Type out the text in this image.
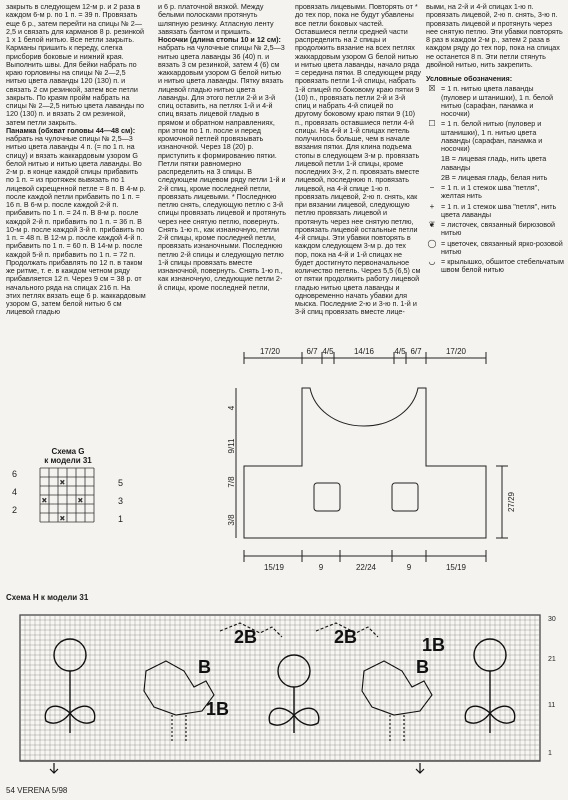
закрыть в следующем 12-м р. и 2 раза в каждом 6-м р. по 1 п. = 39 п. Провязать еще 6 р., затем перейти на спицы № 2—2,5 и связать для карманов 8 р. резинкой 1 х 1 белой нитью. Все петли закрыть. Карманы пришить к переду, слегка присборив боковые и нижний края. Выполнить швы. Для бейки набрать по краю горловины на спицы № 2—2,5 нитью цвета лаванды 120 (130) п. и связать 2 см резинкой, затем все петли закрыть. По краям пройм набрать на спицы № 2—2,5 нитью цвета лаванды по 120 (130) п. и вязать 2 см резинкой, затем петли закрыть.

Панамка (обхват головы 44—48 см):
набрать на чулочные спицы № 2,5—3 нитью цвета лаванды 4 п. (= по 1 п. на спицу) и вязать жаккардовым узором G белой нитью и нитью цвета лаванды. Во 2-м р. в конце каждой спицы прибавить по 1 п. = из протяжек вывязать по 1 лицевой скрещенной петле = 8 п. В 4-м р. после каждой петли прибавить по 1 п. = 16 п. В 6-м р. после каждой 2-й п. прибавить по 1 п. = 24 п. В 8-м р. после каждой 2-й п. прибавить по 1 п. = 36 п. В 10-м р. после каждой 3-й п. прибавить по 1 п. = 48 п. В 12-м р. после каждой 4-й п. прибавить по 1 п. = 60 п. В 14-м р. после каждой 5-й п. прибавить по 1 п. = 72 п. Продолжать прибавлять по 12 п. в таком же ритме, т. е. в каждом четном ряду прибавляется 12 п. Через 9 см = 38 р. от начального ряда на спицах 216 п. На этих петлях вязать еще 6 р. жаккардовым узором G, затем белой нитью 6 см лицевой гладью

и 6 р. платочной вязкой. Между белыми полосками протянуть шляпную резинку. Атласную ленту завязать бантом и пришить.

Носочки (длина стопы 10 и 12 см):
набрать на чулочные спицы № 2,5—3 нитью цвета лаванды 36 (40) п. и вязать 3 см резинкой, затем 4 (6) см жаккардовым узором G белой нитью и нитью цвета лаванды. Пятку вязать лицевой гладью нитью цвета лаванды. Для этого петли 2-й и 3-й спиц оставить, на петлях 1-й и 4-й спиц вязать лицевой гладью в прямом и обратном направлениях, при этом по 1 п. после и перед кромочной петлей провязывать изнаночной. Через 18 (20) р. приступить к формированию пятки. Петли пятки равномерно распределить на 3 спицы. В следующем лицевом ряду петли 1-й и 2-й спиц, кроме последней петли, провязать лицевыми. * Последнюю петлю снять, следующую петлю с 3-й спицы провязать лицевой и протянуть через нее снятую петлю, повернуть. Снять 1-ю п., как изнаночную, петли 2-й спицы, кроме последней петли, провязать изнаночными. Последнюю петлю 2-й спицы и следующую петлю 1-й спицы провязать вместе изнаночной, повернуть. Снять 1-ю п., как изнаночную, следующие петли 2-й спицы, кроме последней петли,

провязать лицевыми. Повторять от * до тех пор, пока не будут убавлены все петли боковых частей. Оставшиеся петли средней части распределить на 2 спицы и продолжить вязание на всех петлях жаккардовым узором G белой нитью и нитью цвета лаванды, начало ряда = середина пятки. В следующем ряду провязать петли 1-й спицы, набрать 1-й спицей по боковому краю пятки 9 (10) п., провязать петли 2-й и 3-й спиц и набрать 4-й спицей по другому боковому краю пятки 9 (10) п., провязать оставшиеся петли 4-й спицы. На 4-й и 1-й спицах петель получилось больше, чем в начале вязания пятки. Для клина подъема стопы в следующем 3-м р. провязать лицевой петли 1-й спицы, кроме последних 3-х, 2 п. провязать вместе лицевой, последнюю п. провязать лицевой, на 4-й спице 1-ю п. провязать лицевой, 2-ю п. снять, как при вязании лицевой, следующую петлю провязать лицевой и протянуть через нее снятую петлю, провязать лицевой остальные петли 4-й спицы. Эти убавки повторять в каждом следующем 3-м р. до тех пор, пока на 4-й и 1-й спицах не будет достигнуто первоначальное количество петель. Через 5,5 (6,5) см от пятки продолжить работу лицевой гладью нитью цвета лаванды и одновременно начать убавки для мыска. Последние 2-ю и 3-ю п. 1-й и 3-й спиц провязать вместе лице-

выми, на 2-й и 4-й спицах 1-ю п. провязать лицевой, 2-ю п. снять, 3-ю п. провязать лицевой и протянуть через нее снятую петлю. Эти убавки повторять 8 раз в каждом 2-м р., затем 2 раза в каждом ряду до тех пор, пока на спицах не останется 8 п. Эти петли стянуть двойной нитью, нить закрепить.

Условные обозначения:

☒ = 1 п. нитью цвета лаванды (пуловер и штанишки), 1 п. белой нитью (сарафан, панамка и носочки)
☐ = 1 п. белой нитью (пуловер и штанишки), 1 п. нитью цвета лаванды (сарафан, панамка и носочки)
1B = лицевая гладь, нить цвета лаванды
2B = лицевая гладь, белая нить
− = 1 п. и 1 стежок шва "петля", желтая нить
+ = 1 п. и 1 стежок шва "петля", нить цвета лаванды
❦ = листочек, связанный бирюзовой нитью
◯ = цветочек, связанный ярко-розовой нитью
◡ = крылышко, обшитое стебельчатым швом белой нитью
17/20	6/7 4/5	14/16	4/5 6/7	17/20
15/19	9	22/24	9	15/19
4
9/11
7/8
3/8
27/29
Схема G
к модели 31
×
×
×
×
6
4
2
5
3
1
Схема H к модели 31
2B	2B
B
1B
1B
B
30
21
11
1
54 VERENA 5/98
